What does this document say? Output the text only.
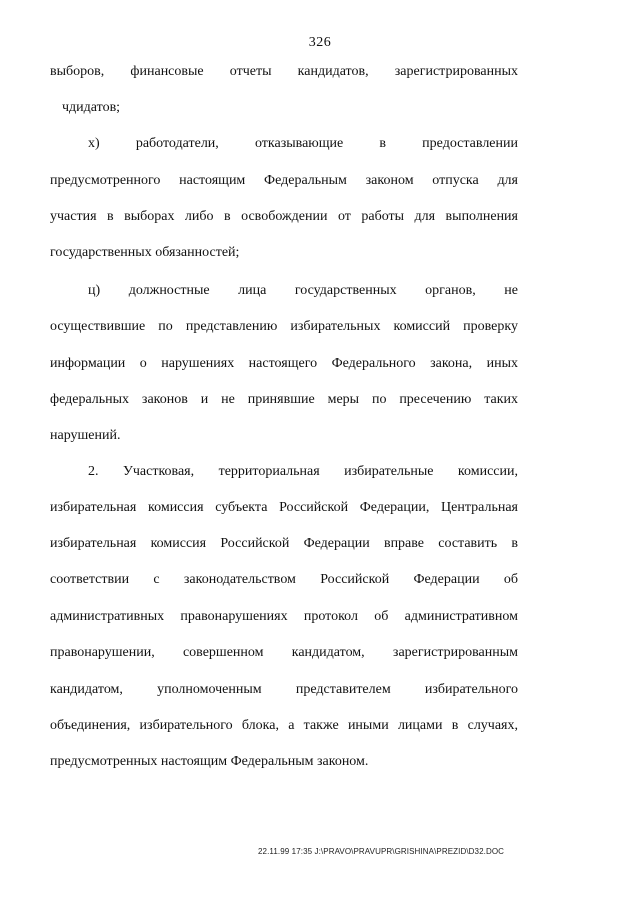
326
выборов, финансовые отчеты кандидатов, зарегистрированных
чдидатов;
х) работодатели, отказывающие в предоставлении
предусмотренного настоящим Федеральным законом отпуска для
участия в выборах либо в освобождении от работы для выполнения
государственных обязанностей;
ц) должностные лица государственных органов, не
осуществившие по представлению избирательных комиссий проверку
информации о нарушениях настоящего Федерального закона, иных
федеральных законов и не принявшие меры по пресечению таких
нарушений.
2. Участковая, территориальная избирательные комиссии,
избирательная комиссия субъекта Российской Федерации, Центральная
избирательная комиссия Российской Федерации вправе составить в
соответствии с законодательством Российской Федерации об
административных правонарушениях протокол об административном
правонарушении, совершенном кандидатом, зарегистрированным
кандидатом, уполномоченным представителем избирательного
объединения, избирательного блока, а также иными лицами в случаях,
предусмотренных настоящим Федеральным законом.
22.11.99 17:35 J:\PRAVO\PRAVUPR\GRISHINA\PREZID\D32.DOC
